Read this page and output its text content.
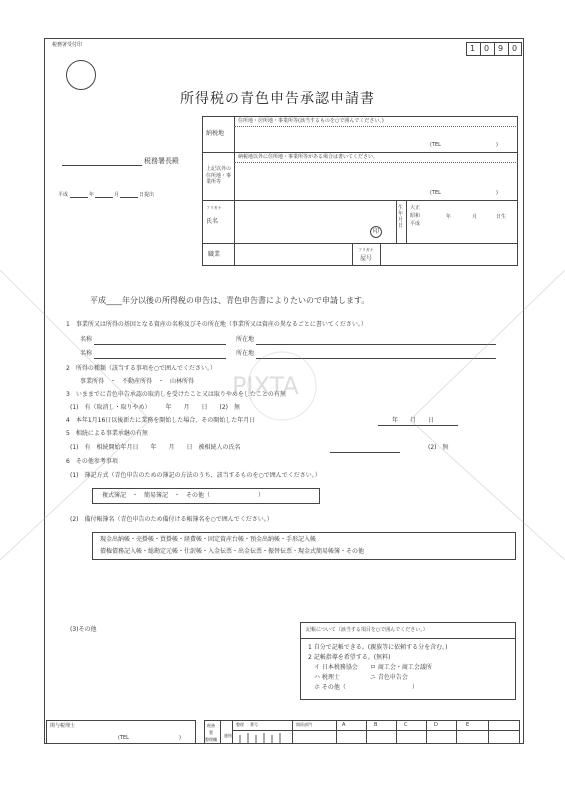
税務署受付印	1 0 9 0
所得税の青色申告承認申請書
税務署長殿
平成	年	月	日提出
納税地
住所地・居所地・事業所等(該当するものを○で囲んでください。)
(TEL　　　　　　　　　　　)
上記以外の住所地・事業所等
納税地以外に住所地・事業所等がある場合は書いてください。
(TEL　　　　　　　　　　　)
フリガナ
氏名
印
生年月日
大正
昭和
平成
年	月	日生
職業
フリガナ
屋号
平成____年分以後の所得税の申告は、青色申告書によりたいので申請します。
1　事業所又は所得の基因となる資産の名称及びその所在地（事業所又は資産の異なるごとに書いてください。）
名称	所在地
名称	所在地
2　所得の種類（該当する事項を○で囲んでください。）
事業所得　・　不動産所得　・　山林所得
3　いままでに青色申告承認の取消しを受けたこと又は取りやめをしたことの有無
(1)　有（取消し・取りやめ）　　　年　　月　　日　　(2)　無
4　本年1月16日以後新たに業務を開始した場合、その開始した年月日	年　　月　　日
5　相続による事業承継の有無
(1)　有　相続開始年月日　　年　　月　　日　被相続人の氏名	(2)　無
6　その他参考事項
(1)　簿記方式（青色申告のための簿記の方法のうち、該当するものを○で囲んでください。）
複式簿記　・　簡易簿記　・　その他（　　　　　　　　）
(2)　備付帳簿名（青色申告のため備付ける帳簿名を○で囲んでください。）
現金出納帳・売掛帳・買掛帳・経費帳・固定資産台帳・預金出納帳・手形記入帳
債権債務記入帳・総勘定元帳・仕訳帳・入金伝票・出金伝票・振替伝票・現金式簡易帳簿・その他
(3)その他	記帳について（該当する項目を○で囲んでください。）
1 自分で記帳できる。(親族等に依頼する分を含む。)
2 記帳指導を希望する。(無料)
　イ 日本税務協会　　ロ 商工会・商工会議所
　ハ 税理士　　　　　ニ 青色申告会
　ホ その他（　　　　　　　　　　　）
関与税理士
(TEL　　　　　　　　　　)
税務
署
整理欄
整理 番号	関係部門	A	B	C	D	E
連絡
PIXTA
